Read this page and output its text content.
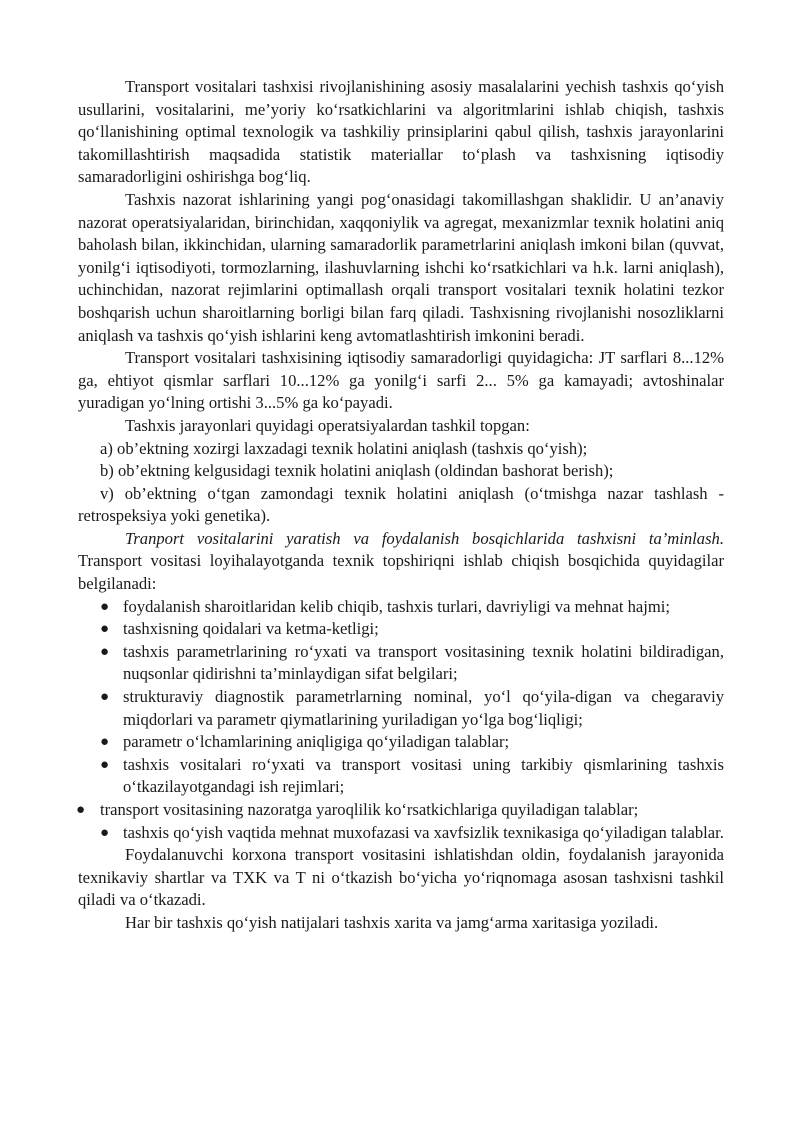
Transport vositalari tashxisi rivojlanishining asosiy masalalarini yechish tashxis qo‘yish usullarini, vositalarini, me’yoriy ko‘rsatkichlarini va algoritmlarini ishlab chiqish, tashxis qo‘llanishining optimal texnologik va tashkiliy prinsiplarini qabul qilish, tashxis jarayonlarini takomillashtirish maqsadida statistik materiallar to‘plash va tashxisning iqtisodiy samaradorligini oshirishga bog‘liq.

Tashxis nazorat ishlarining yangi pog‘onasidagi takomillashgan shaklidir. U an’anaviy nazorat operatsiyalaridan, birinchidan, xaqqoniylik va agregat, mexanizmlar texnik holatini aniq baholash bilan, ikkinchidan, ularning samaradorlik parametrlarini aniqlash imkoni bilan (quvvat, yonilg‘i iqtisodiyoti, tormozlarning, ilashuvlarning ishchi ko‘rsatkichlari va h.k. larni aniqlash), uchinchidan, nazorat rejimlarini optimallash orqali transport vositalari texnik holatini tezkor boshqarish uchun sharoitlarning borligi bilan farq qiladi. Tashxisning rivojlanishi nosozliklarni aniqlash va tashxis qo‘yish ishlarini keng avtomatlashtirish imkonini beradi.

Transport vositalari tashxisining iqtisodiy samaradorligi quyidagicha: JT sarflari 8...12% ga, ehtiyot qismlar sarflari 10...12% ga yonilg‘i sarfi 2... 5% ga kamayadi; avtoshinalar yuradigan yo‘lning ortishi 3...5% ga ko‘payadi.

Tashxis jarayonlari quyidagi operatsiyalardan tashkil topgan:

a) ob’ektning xozirgi laxzadagi texnik holatini aniqlash (tashxis qo‘yish);

b) ob’ektning kelgusidagi texnik holatini aniqlash (oldindan bashorat berish);

v) ob’ektning o‘tgan zamondagi texnik holatini aniqlash (o‘tmishga nazar tashlash - retrospeksiya yoki genetika).

Tranport vositalarini yaratish va foydalanish bosqichlarida tashxisni ta’minlash. Transport vositasi loyihalayotganda texnik topshiriqni ishlab chiqish bosqichida quyidagilar belgilanadi:

● foydalanish sharoitlaridan kelib chiqib, tashxis turlari, davriyligi va mehnat hajmi;
● tashxisning qoidalari va ketma-ketligi;
● tashxis parametrlarining ro‘yxati va transport vositasining texnik holatini bildiradigan, nuqsonlar qidirishni ta’minlaydigan sifat belgilari;
● strukturaviy diagnostik parametrlarning nominal, yo‘l qo‘yila-digan va chegaraviy miqdorlari va parametr qiymatlarining yuriladigan yo‘lga bog‘liqligi;
● parametr o‘lchamlarining aniqligiga qo‘yiladigan talablar;
● tashxis vositalari ro‘yxati va transport vositasi uning tarkibiy qismlarining tashxis o‘tkazilayotgandagi ish rejimlari;
● transport vositasining nazoratga yaroqlilik ko‘rsatkichlariga quyiladigan talablar;
● tashxis qo‘yish vaqtida mehnat muxofazasi va xavfsizlik texnikasiga qo‘yiladigan talablar.

Foydalanuvchi korxona transport vositasini ishlatishdan oldin, foydalanish jarayonida texnikaviy shartlar va TXK va T ni o‘tkazish bo‘yicha yo‘riqnomaga asosan tashxisni tashkil qiladi va o‘tkazadi.

Har bir tashxis qo‘yish natijalari tashxis xarita va jamg‘arma xaritasiga yoziladi.
